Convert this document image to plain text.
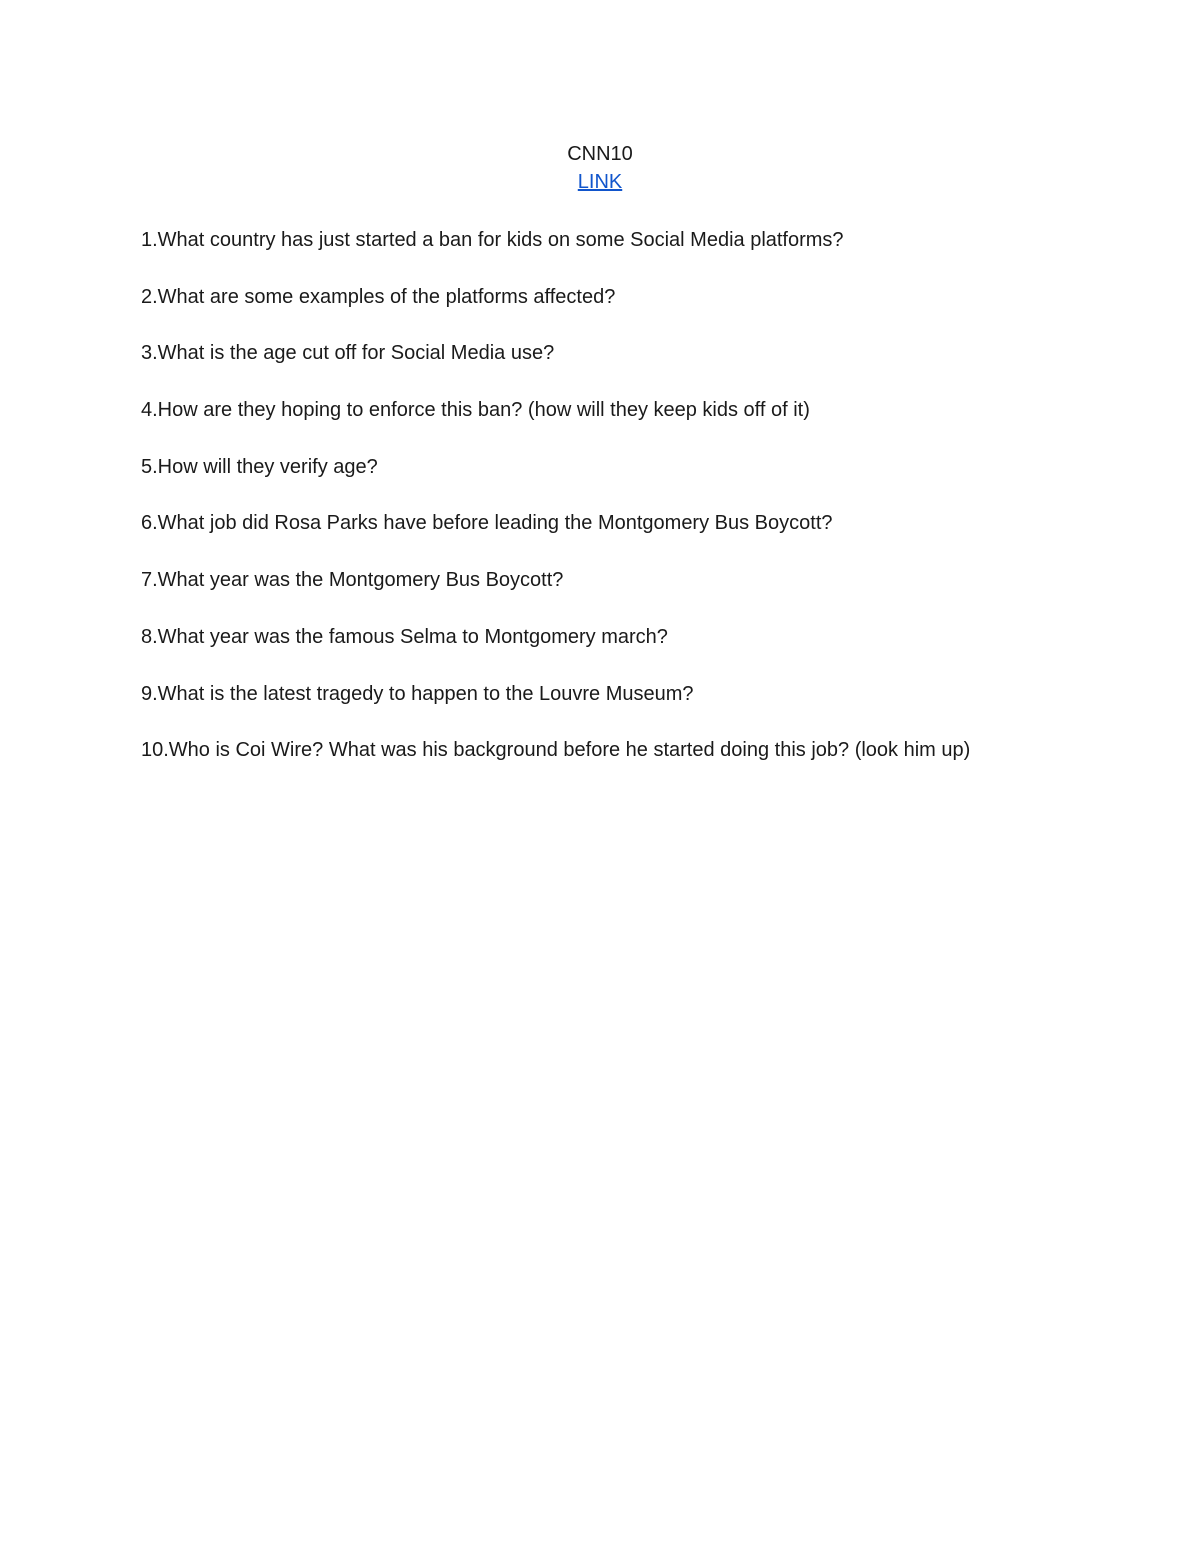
CNN10
LINK
1.What country has just started a ban for kids on some Social Media platforms?
2.What are some examples of the platforms affected?
3.What is the age cut off for Social Media use?
4.How are they hoping to enforce this ban? (how will they keep kids off of it)
5.How will they verify age?
6.What job did Rosa Parks have before leading the Montgomery Bus Boycott?
7.What year was the Montgomery Bus Boycott?
8.What year was the famous Selma to Montgomery march?
9.What is the latest tragedy to happen to the Louvre Museum?
10.Who is Coi Wire? What was his background before he started doing this job? (look him up)
